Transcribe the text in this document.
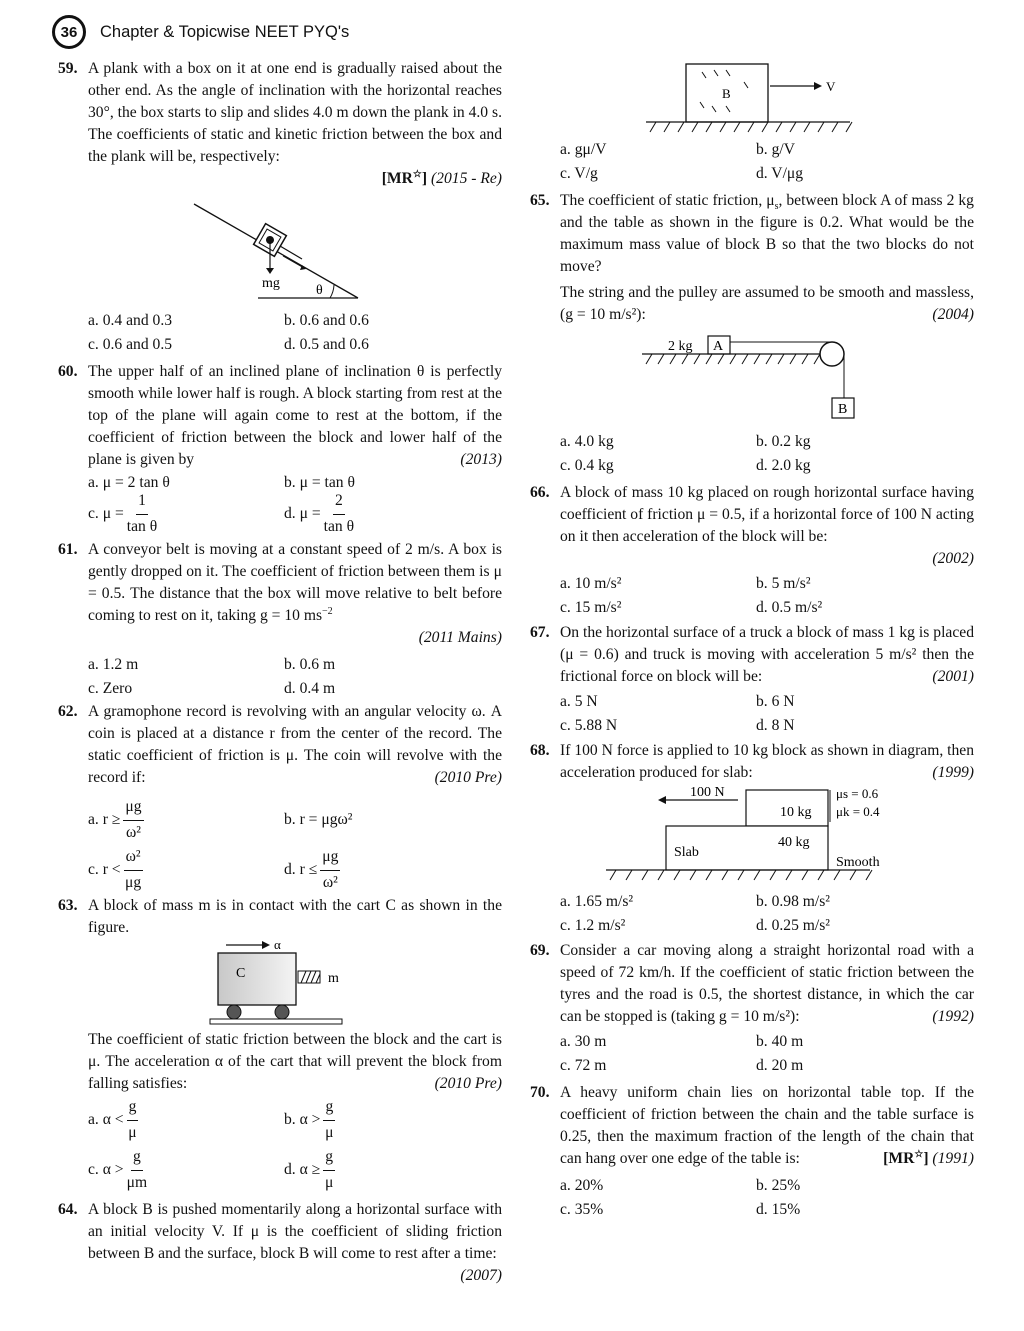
36	Chapter & Topicwise NEET PYQ's
59. A plank with a box on it at one end is gradually raised about the other end. As the angle of inclination with the horizontal reaches 30°, the box starts to slip and slides 4.0 m down the plank in 4.0 s. The coefficients of static and kinetic friction between the box and the plank will be, respectively:
[MR☆] (2015 - Re)
mg	θ
a. 0.4 and 0.3	b. 0.6 and 0.6
c. 0.6 and 0.5	d. 0.5 and 0.6
60. The upper half of an inclined plane of inclination θ is perfectly smooth while lower half is rough. A block starting from rest at the top of the plane will again come to rest at the bottom, if the coefficient of friction between the block and lower half of the plane is given by	(2013)
a. μ = 2 tan θ	b. μ = tan θ
c. $\mu = \frac{1}{\text{tan θ}}$	d. $\mu = \frac{2}{\text{tan θ}}$
61. A conveyor belt is moving at a constant speed of 2 m/s. A box is gently dropped on it. The coefficient of friction between them is μ = 0.5. The distance that the box will move relative to belt before coming to rest on it, taking g = 10 $ms^{-2}$
(2011 Mains)
a. 1.2 m	b. 0.6 m
c. Zero	d. 0.4 m
62. A gramophone record is revolving with an angular velocity ω. A coin is placed at a distance r from the center of the record. The static coefficient of friction is μ. The coin will revolve with the record if:	(2010 Pre)
a. $r \ge \frac{\mu g}{\text{ω²}}$	b. r = μgω²
c. $r < \frac{\text{ω²}}{\mu g}$	d. $r \le \frac{\mu g}{\text{ω²}}$
63. A block of mass m is in contact with the cart C as shown in the figure.
α
C	m
The coefficient of static friction between the block and the cart is μ. The acceleration α of the cart that will prevent the block from falling satisfies:	(2010 Pre)
a. $\alpha < \frac{g}{\mu}$	b. $\alpha > \frac{g}{\mu}$
c. $\alpha > \frac{g}{\mu m}$	d. $\alpha \ge \frac{g}{\mu}$
64. A block B is pushed momentarily along a horizontal surface with an initial velocity V. If μ is the coefficient of sliding friction between B and the surface, block B will come to rest after a time:
(2007)
B	V
a. gμ/V	b. g/V
c. V/g	d. V/μg
65. The coefficient of static friction, $\mu_s$, between block A of mass 2 kg and the table as shown in the figure is 0.2. What would be the maximum mass value of block B so that the two blocks do not move?
The string and the pulley are assumed to be smooth and massless, (g = 10 m/s²):	(2004)
2 kg A
B
a. 4.0 kg	b. 0.2 kg
c. 0.4 kg	d. 2.0 kg
66. A block of mass 10 kg placed on rough horizontal surface having coefficient of friction μ = 0.5, if a horizontal force of 100 N acting on it then acceleration of the block will be:
(2002)
a. 10 m/s²	b. 5 m/s²
c. 15 m/s²	d. 0.5 m/s²
67. On the horizontal surface of a truck a block of mass 1 kg is placed (μ = 0.6) and truck is moving with acceleration 5 m/s² then the frictional force on block will be:	(2001)
a. 5 N	b. 6 N
c. 5.88 N	d. 8 N
68. If 100 N force is applied to 10 kg block as shown in diagram, then acceleration produced for slab:	(1999)
100 N
10 kg
μs = 0.6
μk = 0.4
Slab
40 kg
Smooth
a. 1.65 m/s²	b. 0.98 m/s²
c. 1.2 m/s²	d. 0.25 m/s²
69. Consider a car moving along a straight horizontal road with a speed of 72 km/h. If the coefficient of static friction between the tyres and the road is 0.5, the shortest distance, in which the car can be stopped is (taking g = 10 m/s²):	(1992)
a. 30 m	b. 40 m
c. 72 m	d. 20 m
70. A heavy uniform chain lies on horizontal table top. If the coefficient of friction between the chain and the table surface is 0.25, then the maximum fraction of the length of the chain that can hang over one edge of the table is:	[MR☆] (1991)
a. 20%	b. 25%
c. 35%	d. 15%
